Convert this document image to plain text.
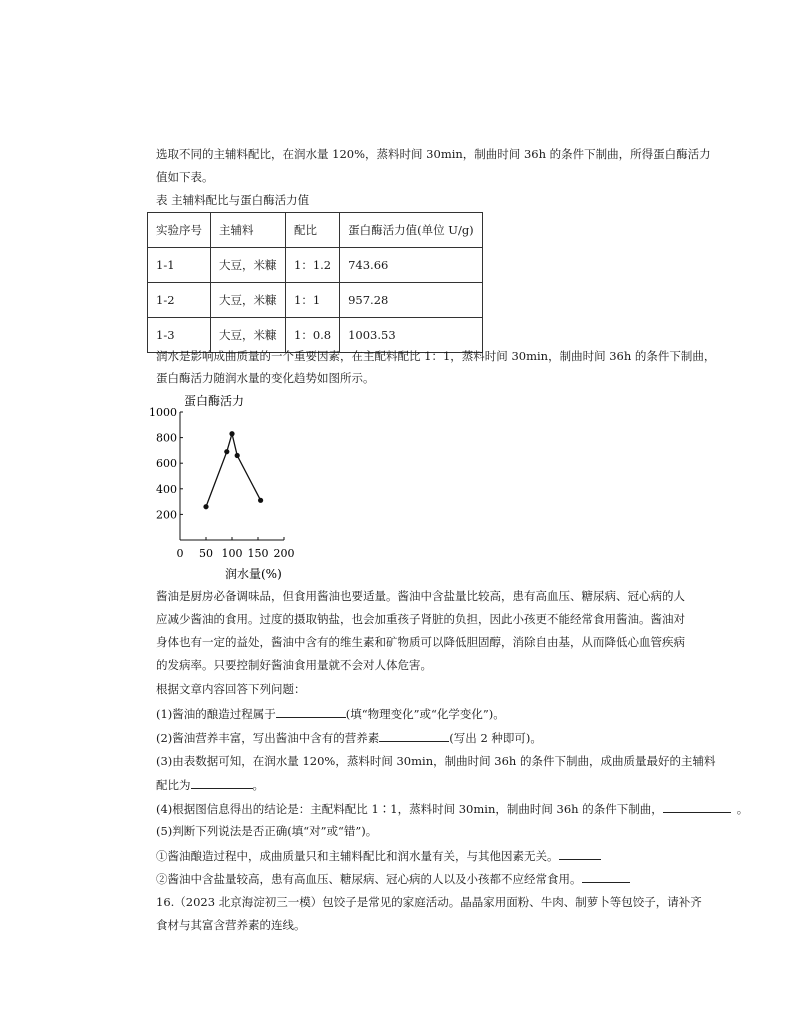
选取不同的主辅料配比，在润水量 120%，蒸料时间 30min，制曲时间 36h 的条件下制曲，所得蛋白酶活力
值如下表。
表 主辅料配比与蛋白酶活力值
实验序号	主辅料	配比	蛋白酶活力值(单位 U/g)
1-1	大豆，米糠	1：1.2	743.66
1-2	大豆，米糠	1：1	957.28
1-3	大豆，米糠	1：0.8	1003.53
润水是影响成曲质量的一个重要因素，在主配料配比 1：1，蒸料时间 30min，制曲时间 36h 的条件下制曲，
蛋白酶活力随润水量的变化趋势如图所示。
蛋白酶活力
润水量(%)
0 50 100 150 200
200
400
600
800
1000
酱油是厨房必备调味品，但食用酱油也要适量。酱油中含盐量比较高，患有高血压、糖尿病、冠心病的人
应减少酱油的食用。过度的摄取钠盐，也会加重孩子肾脏的负担，因此小孩更不能经常食用酱油。酱油对
身体也有一定的益处，酱油中含有的维生素和矿物质可以降低胆固醇，消除自由基，从而降低心血管疾病
的发病率。只要控制好酱油食用量就不会对人体危害。
根据文章内容回答下列问题：
(1)酱油的酿造过程属于	(填“物理变化”或“化学变化”)。
(2)酱油营养丰富，写出酱油中含有的营养素	(写出 2 种即可)。
(3)由表数据可知，在润水量 120%，蒸料时间 30min，制曲时间 36h 的条件下制曲，成曲质量最好的主辅料
配比为	。
(4)根据图信息得出的结论是：主配料配比 1∶1，蒸料时间 30min，制曲时间 36h 的条件下制曲，	。
(5)判断下列说法是否正确(填“对”或“错”)。
①酱油酿造过程中，成曲质量只和主辅料配比和润水量有关，与其他因素无关。
②酱油中含盐量较高，患有高血压、糖尿病、冠心病的人以及小孩都不应经常食用。
16.（2023 北京海淀初三一模）包饺子是常见的家庭活动。晶晶家用面粉、牛肉、制萝卜等包饺子，请补齐
食材与其富含营养素的连线。
